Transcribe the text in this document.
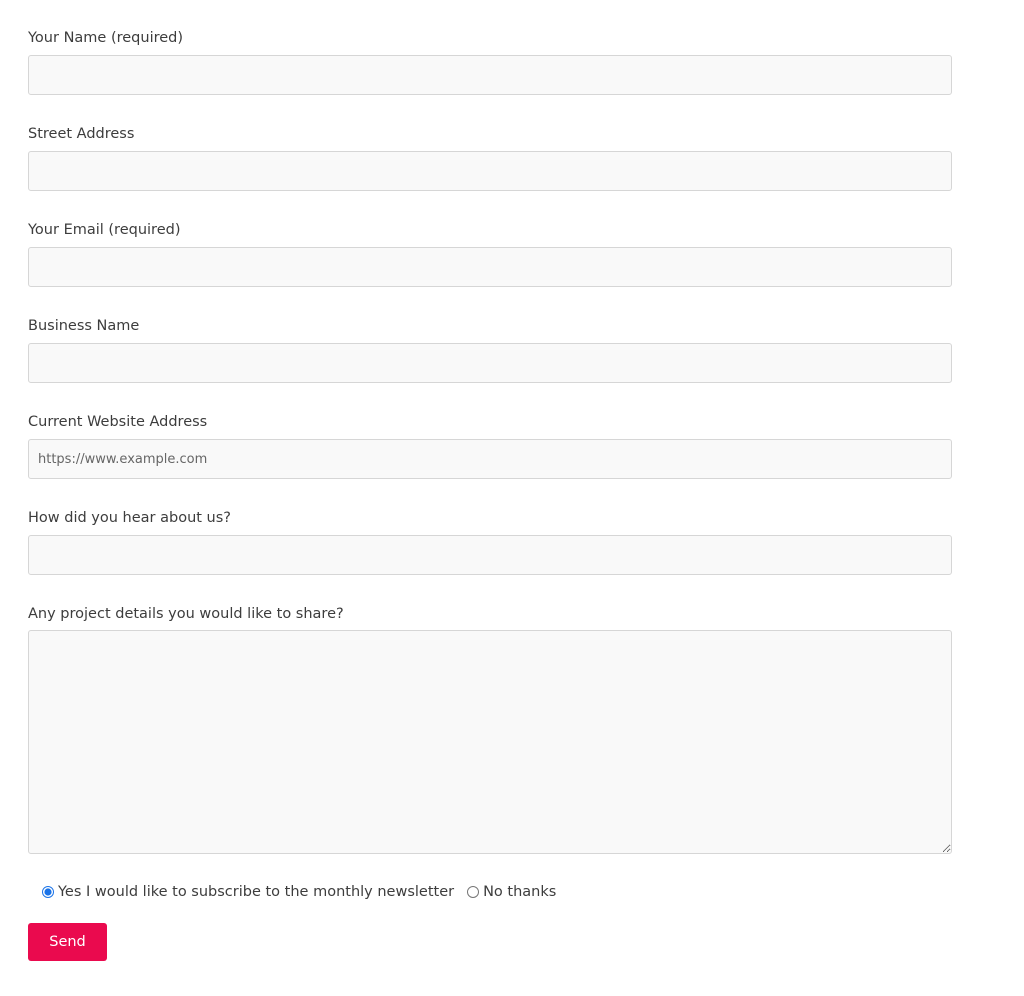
Your Name (required)
Street Address
Your Email (required)
Business Name
Current Website Address
https://www.example.com
How did you hear about us?
Any project details you would like to share?
Yes I would like to subscribe to the monthly newsletter No thanks
Send
